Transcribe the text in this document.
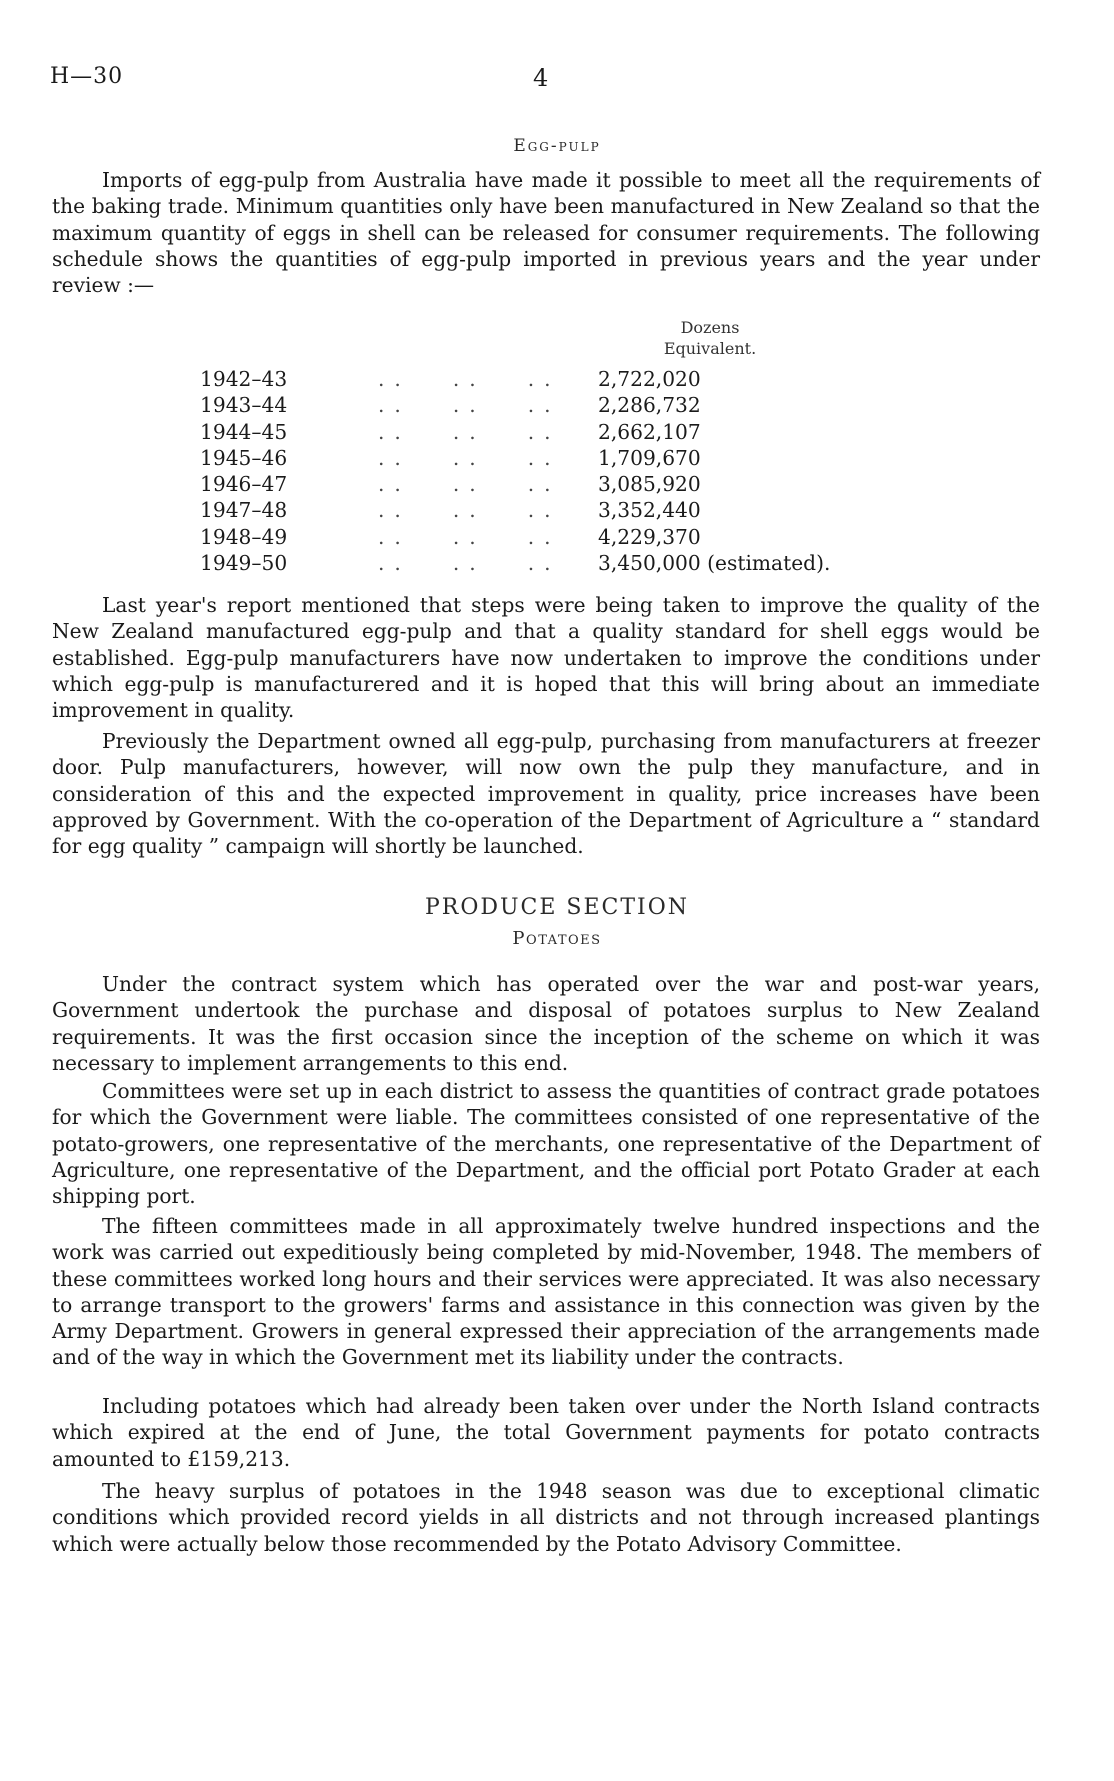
H—30	4
Egg-pulp
Imports of egg-pulp from Australia have made it possible to meet all the requirements of the baking trade. Minimum quantities only have been manufactured in New Zealand so that the maximum quantity of eggs in shell can be released for consumer requirements. The following schedule shows the quantities of egg-pulp imported in previous years and the year under review :—
Dozens
Equivalent.
1942–43	.. .. ..	2,722,020
1943–44	.. .. ..	2,286,732
1944–45	.. .. ..	2,662,107
1945–46	.. .. ..	1,709,670
1946–47	.. .. ..	3,085,920
1947–48	.. .. ..	3,352,440
1948–49	.. .. ..	4,229,370
1949–50	.. .. ..	3,450,000 (estimated).
Last year's report mentioned that steps were being taken to improve the quality of the New Zealand manufactured egg-pulp and that a quality standard for shell eggs would be established. Egg-pulp manufacturers have now undertaken to improve the conditions under which egg-pulp is manufacturered and it is hoped that this will bring about an immediate improvement in quality.
Previously the Department owned all egg-pulp, purchasing from manufacturers at freezer door. Pulp manufacturers, however, will now own the pulp they manufacture, and in consideration of this and the expected improvement in quality, price increases have been approved by Government. With the co-operation of the Department of Agriculture a “ standard for egg quality ” campaign will shortly be launched.
PRODUCE SECTION
Potatoes
Under the contract system which has operated over the war and post-war years, Government undertook the purchase and disposal of potatoes surplus to New Zealand requirements. It was the first occasion since the inception of the scheme on which it was necessary to implement arrangements to this end.
Committees were set up in each district to assess the quantities of contract grade potatoes for which the Government were liable. The committees consisted of one representative of the potato-growers, one representative of the merchants, one representative of the Department of Agriculture, one representative of the Department, and the official port Potato Grader at each shipping port.
The fifteen committees made in all approximately twelve hundred inspections and the work was carried out expeditiously being completed by mid-November, 1948. The members of these committees worked long hours and their services were appreciated. It was also necessary to arrange transport to the growers' farms and assistance in this connection was given by the Army Department. Growers in general expressed their appreciation of the arrangements made and of the way in which the Government met its liability under the contracts.
Including potatoes which had already been taken over under the North Island contracts which expired at the end of June, the total Government payments for potato contracts amounted to £159,213.
The heavy surplus of potatoes in the 1948 season was due to exceptional climatic conditions which provided record yields in all districts and not through increased plantings which were actually below those recommended by the Potato Advisory Committee.
